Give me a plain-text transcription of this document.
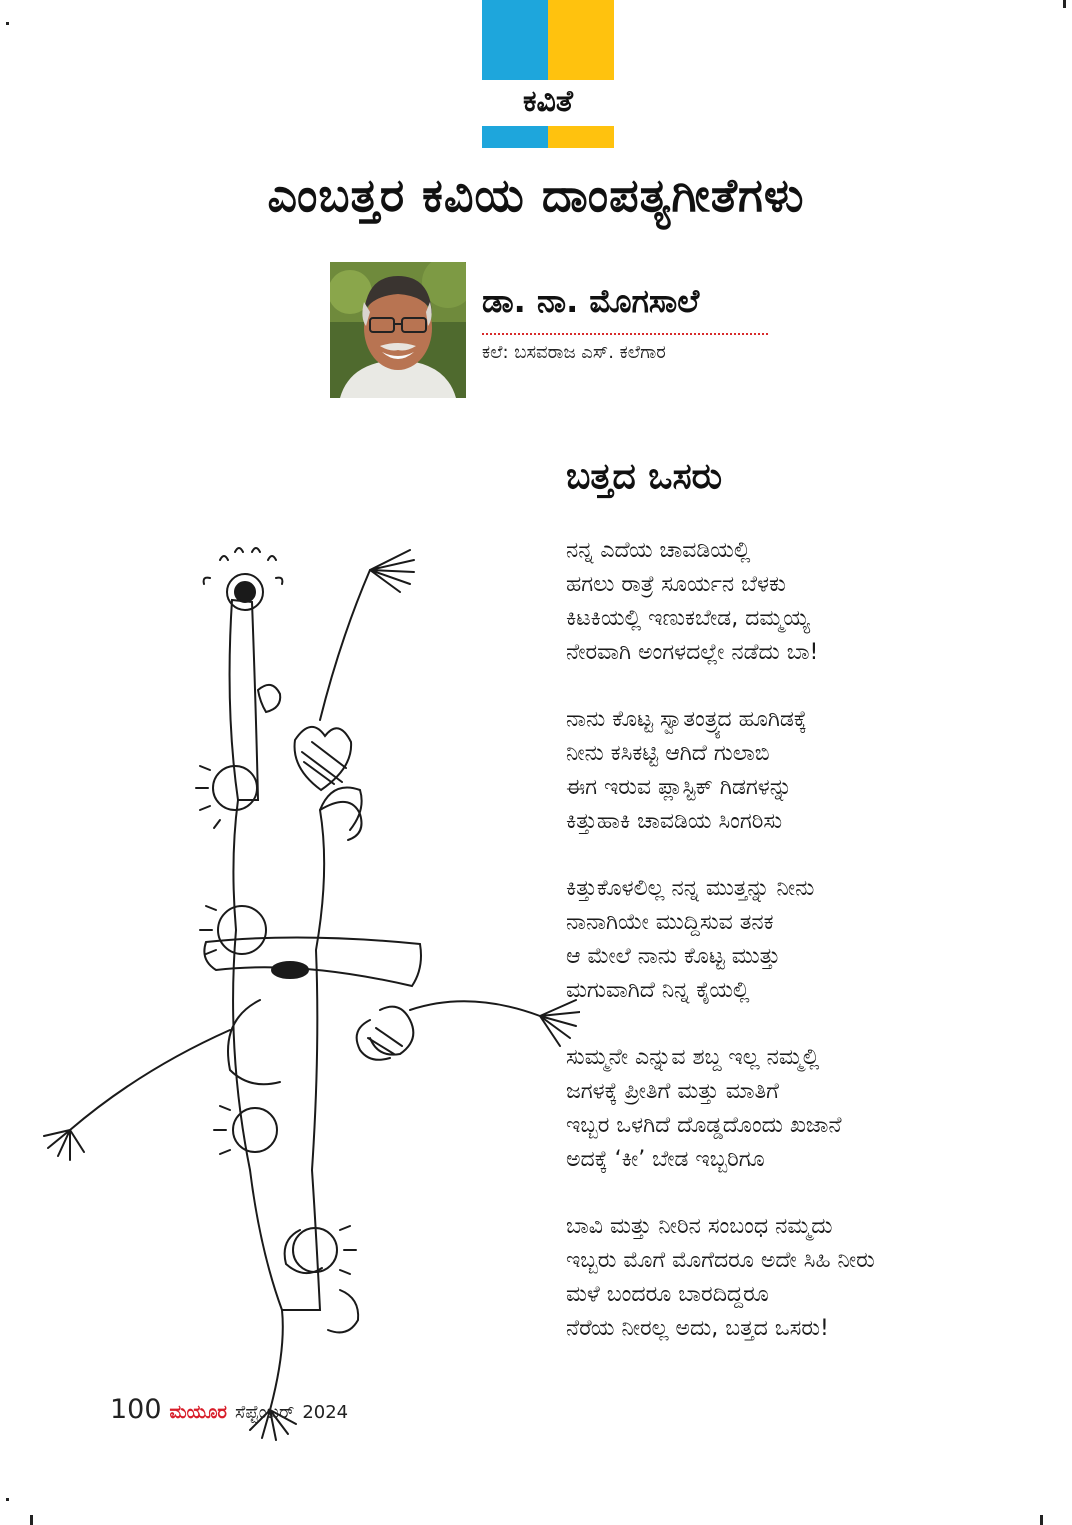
ಕವಿತೆ
ಎಂಬತ್ತರ ಕವಿಯ ದಾಂಪತ್ಯಗೀತೆಗಳು
ಡಾ. ನಾ. ಮೊಗಸಾಲೆ
ಕಲೆ: ಬಸವರಾಜ ಎಸ್. ಕಲೆಗಾರ
ಬತ್ತದ ಒಸರು
ನನ್ನ ಎದೆಯ ಚಾವಡಿಯಲ್ಲಿ
ಹಗಲು ರಾತ್ರೆ ಸೂರ್ಯನ ಬೆಳಕು
ಕಿಟಕಿಯಲ್ಲಿ ಇಣುಕಬೇಡ, ದಮ್ಮಯ್ಯ
ನೇರವಾಗಿ ಅಂಗಳದಲ್ಲೇ ನಡೆದು ಬಾ!
ನಾನು ಕೊಟ್ಟ ಸ್ವಾತಂತ್ರ್ಯದ ಹೂಗಿಡಕ್ಕೆ
ನೀನು ಕಸಿಕಟ್ಟಿ ಆಗಿದೆ ಗುಲಾಬಿ
ಈಗ ಇರುವ ಪ್ಲಾಸ್ಟಿಕ್ ಗಿಡಗಳನ್ನು
ಕಿತ್ತುಹಾಕಿ ಚಾವಡಿಯ ಸಿಂಗರಿಸು
ಕಿತ್ತುಕೊಳಲಿಲ್ಲ ನನ್ನ ಮುತ್ತನ್ನು ನೀನು
ನಾನಾಗಿಯೇ ಮುದ್ದಿಸುವ ತನಕ
ಆ ಮೇಲೆ ನಾನು ಕೊಟ್ಟ ಮುತ್ತು
ಮಗುವಾಗಿದೆ ನಿನ್ನ ಕೈಯಲ್ಲಿ
ಸುಮ್ಮನೇ ಎನ್ನುವ ಶಬ್ದ ಇಲ್ಲ ನಮ್ಮಲ್ಲಿ
ಜಗಳಕ್ಕೆ ಪ್ರೀತಿಗೆ ಮತ್ತು ಮಾತಿಗೆ
ಇಬ್ಬರ ಒಳಗಿದೆ ದೊಡ್ಡದೊಂದು ಖಜಾನೆ
ಅದಕ್ಕೆ ‘ಕೀ’ ಬೇಡ ಇಬ್ಬರಿಗೂ
ಬಾವಿ ಮತ್ತು ನೀರಿನ ಸಂಬಂಧ ನಮ್ಮದು
ಇಬ್ಬರು ಮೊಗೆ ಮೊಗೆದರೂ ಅದೇ ಸಿಹಿ ನೀರು
ಮಳೆ ಬಂದರೂ ಬಾರದಿದ್ದರೂ
ನೆರೆಯ ನೀರಲ್ಲ ಅದು, ಬತ್ತದ ಒಸರು!
100 ಮಯೂರ ಸೆಪ್ಟೆಂಬರ್ 2024
